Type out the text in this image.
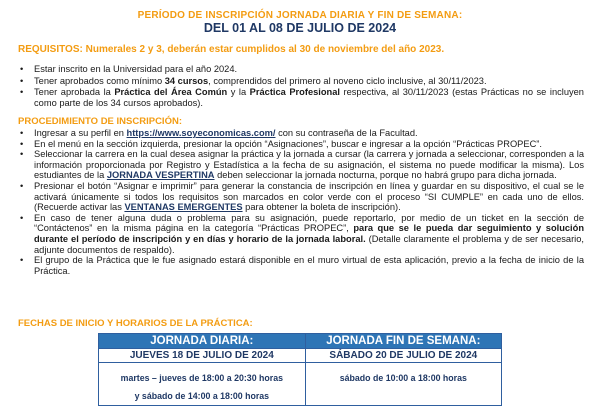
PERÍODO DE INSCRIPCIÓN JORNADA DIARIA Y FIN DE SEMANA:
DEL 01 AL 08 DE JULIO DE 2024
REQUISITOS: Numerales 2 y 3, deberán estar cumplidos al 30 de noviembre del año 2023.
• Estar inscrito en la Universidad para el año 2024.
• Tener aprobados como mínimo 34 cursos, comprendidos del primero al noveno ciclo inclusive, al 30/11/2023.
• Tener aprobada la Práctica del Área Común y la Práctica Profesional respectiva, al 30/11/2023 (estas Prácticas no se incluyen como parte de los 34 cursos aprobados).
PROCEDIMIENTO DE INSCRIPCIÓN:
• Ingresar a su perfil en https://www.soyeconomicas.com/ con su contraseña de la Facultad.
• En el menú en la sección izquierda, presionar la opción “Asignaciones”, buscar e ingresar a la opción “Prácticas PROPEC”.
• Seleccionar la carrera en la cual desea asignar la práctica y la jornada a cursar (la carrera y jornada a seleccionar, corresponden a la información proporcionada por Registro y Estadística a la fecha de su asignación, el sistema no puede modificar la misma). Los estudiantes de la JORNADA VESPERTINA deben seleccionar la jornada nocturna, porque no habrá grupo para dicha jornada.
• Presionar el botón “Asignar e imprimir” para generar la constancia de inscripción en línea y guardar en su dispositivo, el cual se le activará únicamente si todos los requisitos son marcados en color verde con el proceso “SI CUMPLE” en cada uno de ellos. (Recuerde activar las VENTANAS EMERGENTES para obtener la boleta de inscripción).
• En caso de tener alguna duda o problema para su asignación, puede reportarlo, por medio de un ticket en la sección de “Contáctenos” en la misma página en la categoría “Prácticas PROPEC”, para que se le pueda dar seguimiento y solución durante el período de inscripción y en días y horario de la jornada laboral. (Detalle claramente el problema y de ser necesario, adjunte documentos de respaldo).
• El grupo de la Práctica que le fue asignado estará disponible en el muro virtual de esta aplicación, previo a la fecha de inicio de la Práctica.
FECHAS DE INICIO Y HORARIOS DE LA PRÁCTICA:
JORNADA DIARIA:	JORNADA FIN DE SEMANA:
JUEVES 18 DE JULIO DE 2024	SÁBADO 20 DE JULIO DE 2024

martes – jueves de 18:00 a 20:30 horas
y sábado de 14:00 a 18:00 horas	sábado de 10:00 a 18:00 horas
